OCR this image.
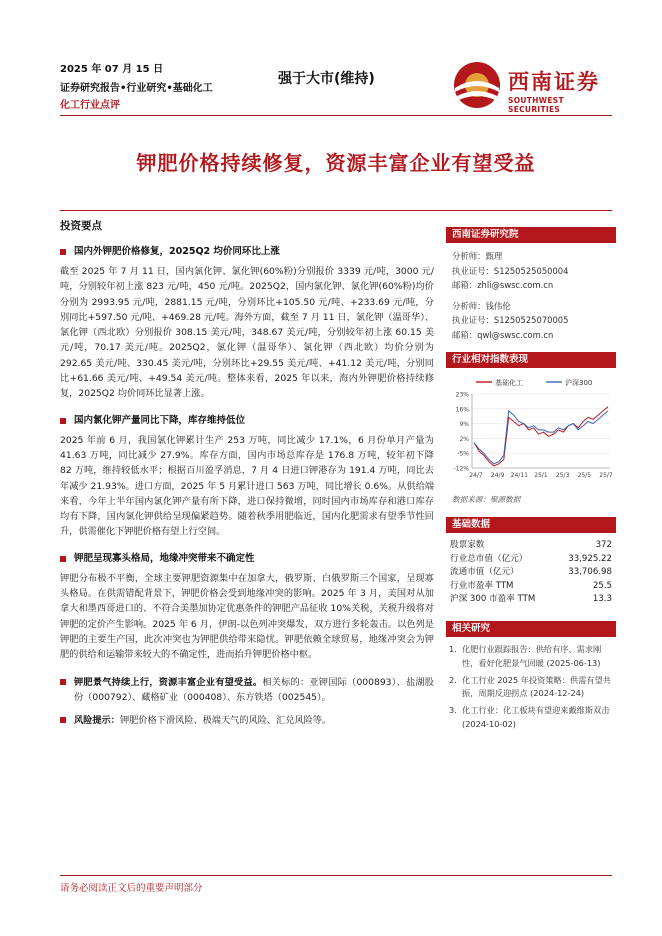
2025 年 07 月 15 日
证券研究报告•行业研究•基础化工
化工行业点评
强于大市(维持)	西南证券
SOUTHWEST SECURITIES
钾肥价格持续修复，资源丰富企业有望受益
投资要点
国内外钾肥价格修复，2025Q2 均价同环比上涨
截至 2025 年 7 月 11 日，国内氯化钾、氯化钾(60%粉)分别报价 3339 元/吨，3000 元/吨，分别较年初上涨 823 元/吨，450 元/吨。2025Q2，国内氯化钾、氯化钾(60%粉)均价分别为 2993.95 元/吨，2881.15 元/吨，分别环比+105.50 元/吨、+233.69 元/吨，分别同比+597.50 元/吨、+469.28 元/吨。海外方面，截至 7 月 11 日，氯化钾（温哥华）、氯化钾（西北欧）分别报价 308.15 美元/吨，348.67 美元/吨，分别较年初上涨 60.15 美元/吨，70.17 美元/吨。2025Q2，氯化钾（温哥华）、氯化钾（西北欧）均价分别为 292.65 美元/吨、330.45 美元/吨，分别环比+29.55 美元/吨、+41.12 美元/吨，分别同比+61.66 美元/吨、+49.54 美元/吨。整体来看，2025 年以来，海内外钾肥价格持续修复，2025Q2 均价同环比显著上涨。
国内氯化钾产量同比下降，库存维持低位
2025 年前 6 月，我国氯化钾累计生产 253 万吨，同比减少 17.1%，6 月份单月产量为 41.63 万吨，同比减少 27.9%。库存方面，国内市场总库存是 176.8 万吨，较年初下降 82 万吨，维持较低水平；根据百川盈孚消息，7 月 4 日进口钾港存为 191.4 万吨，同比去年减少 21.93%。进口方面，2025 年 5 月累计进口 563 万吨，同比增长 0.6%。从供给端来看，今年上半年国内氯化钾产量有所下降，进口保持微增，同时国内市场库存和港口库存均有下降，国内氯化钾供给呈现偏紧趋势。随着秋季用肥临近，国内化肥需求有望季节性回升，供需催化下钾肥价格有望上行空间。
钾肥呈现寡头格局，地缘冲突带来不确定性
钾肥分布极不平衡，全球主要钾肥资源集中在加拿大，俄罗斯、白俄罗斯三个国家，呈现寡头格局。在供需错配背景下，钾肥价格会受到地缘冲突的影响。2025 年 3 月，美国对从加拿大和墨西哥进口的、不符合美墨加协定优惠条件的钾肥产品征收 10%关税，关税升级将对钾肥的定价产生影响。2025 年 6 月，伊朗-以色列冲突爆发，双方进行多轮轰击。以色列是钾肥的主要生产国，此次冲突也为钾肥供给带来隐忧。钾肥依赖全球贸易，地缘冲突会为钾肥的供给和运输带来较大的不确定性，进而抬升钾肥价格中枢。
钾肥景气持续上行，资源丰富企业有望受益。相关标的：亚钾国际（000893）、盐湖股份（000792）、藏格矿业（000408）、东方铁塔（002545）。
风险提示：钾肥价格下滑风险、极端天气的风险、汇兑风险等。
西南证券研究院
分析师：甄理
执业证号：S1250525050004
邮箱：zhli@swsc.com.cn
分析师：钱伟伦
执业证号：S1250525070005
邮箱：qwl@swsc.com.cn
行业相对指数表现
基础化工	沪深300
23%
16%
9%
2%
-5%
-12%
24/7 24/9 24/11 25/1 25/3 25/5 25/7
数据来源：聚源数据
基础数据
股票家数	372
行业总市值（亿元）	33,925.22
流通市值（亿元）	33,706.98
行业市盈率 TTM	25.5
沪深 300 市盈率 TTM	13.3
相关研究
1. 化肥行业跟踪报告：供给有序、需求刚性，看好化肥景气回暖 (2025-06-13)
2. 化工行业 2025 年投资策略：供需有望共振，周期反迎拐点 (2024-12-24)
3. 化工行业：化工板块有望迎来戴维斯双击 (2024-10-02)
请务必阅读正文后的重要声明部分
